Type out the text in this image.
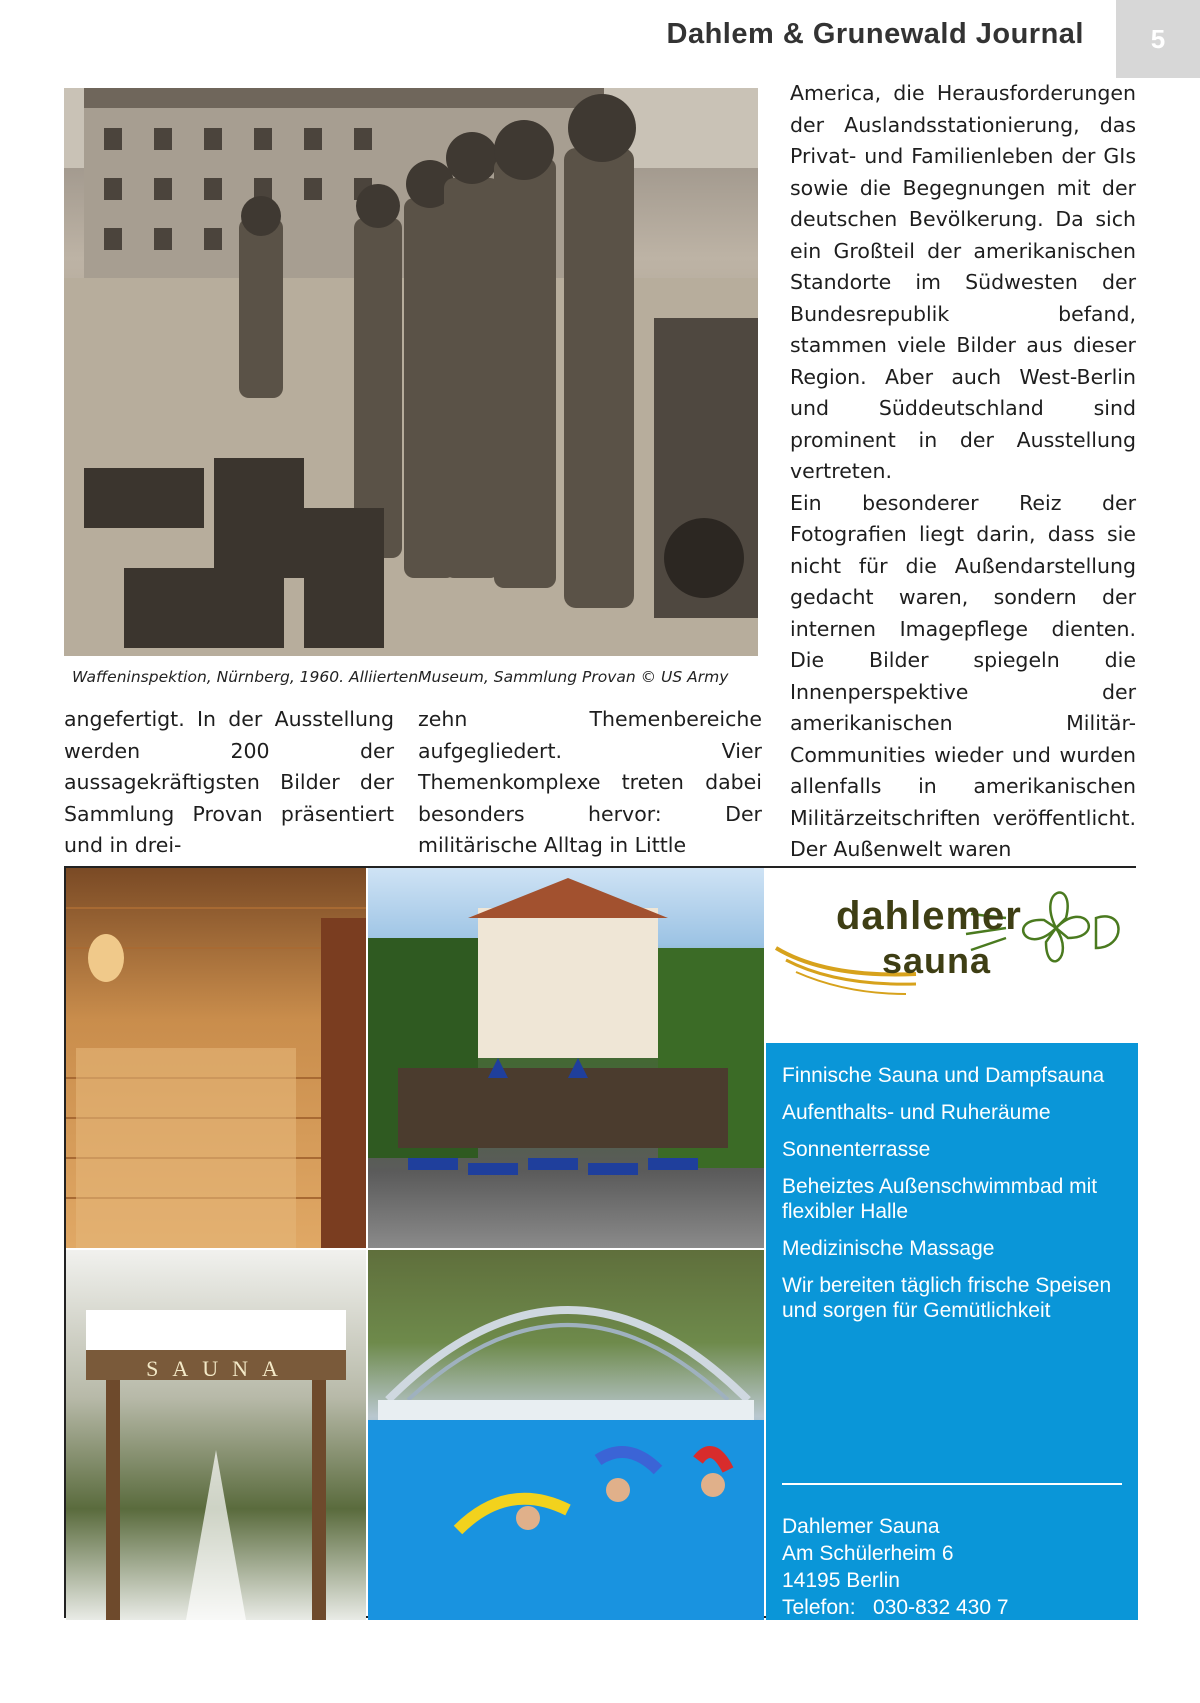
Dahlem & Grunewald Journal	5
Waffeninspektion, Nürnberg, 1960. AlliiertenMuseum, Sammlung Provan © US Army

angefertigt. In der Ausstellung werden 200 der aussagekräftigsten Bilder der Sammlung Provan präsentiert und in drei-

zehn Themenbereiche aufgegliedert. Vier Themenkomplexe treten dabei besonders hervor: Der militärische Alltag in Little

America, die Herausforderungen der Auslandsstationierung, das Privat- und Familienleben der GIs sowie die Begegnungen mit der deutschen Bevölkerung. Da sich ein Großteil der amerikanischen Standorte im Südwesten der Bundesrepublik befand, stammen viele Bilder aus dieser Region. Aber auch West-Berlin und Süddeutschland sind prominent in der Ausstellung vertreten.

Ein besonderer Reiz der Fotografien liegt darin, dass sie nicht für die Außendarstellung gedacht waren, sondern der internen Imagepflege dienten. Die Bilder spiegeln die Innenperspektive der amerikanischen Militär-Communities wieder und wurden allenfalls in amerikanischen Militärzeitschriften veröffentlicht. Der Außenwelt waren

SAUNA
dahlemer
sauna
Finnische Sauna und Dampfsauna
Aufenthalts- und Ruheräume
Sonnenterrasse
Beheiztes Außenschwimmbad mit flexibler Halle
Medizinische Massage
Wir bereiten täglich frische Speisen und sorgen für Gemütlichkeit
Dahlemer Sauna
Am Schülerheim 6
14195 Berlin
Telefon:   030-832 430 7
www.dahlemer-sauna.de
